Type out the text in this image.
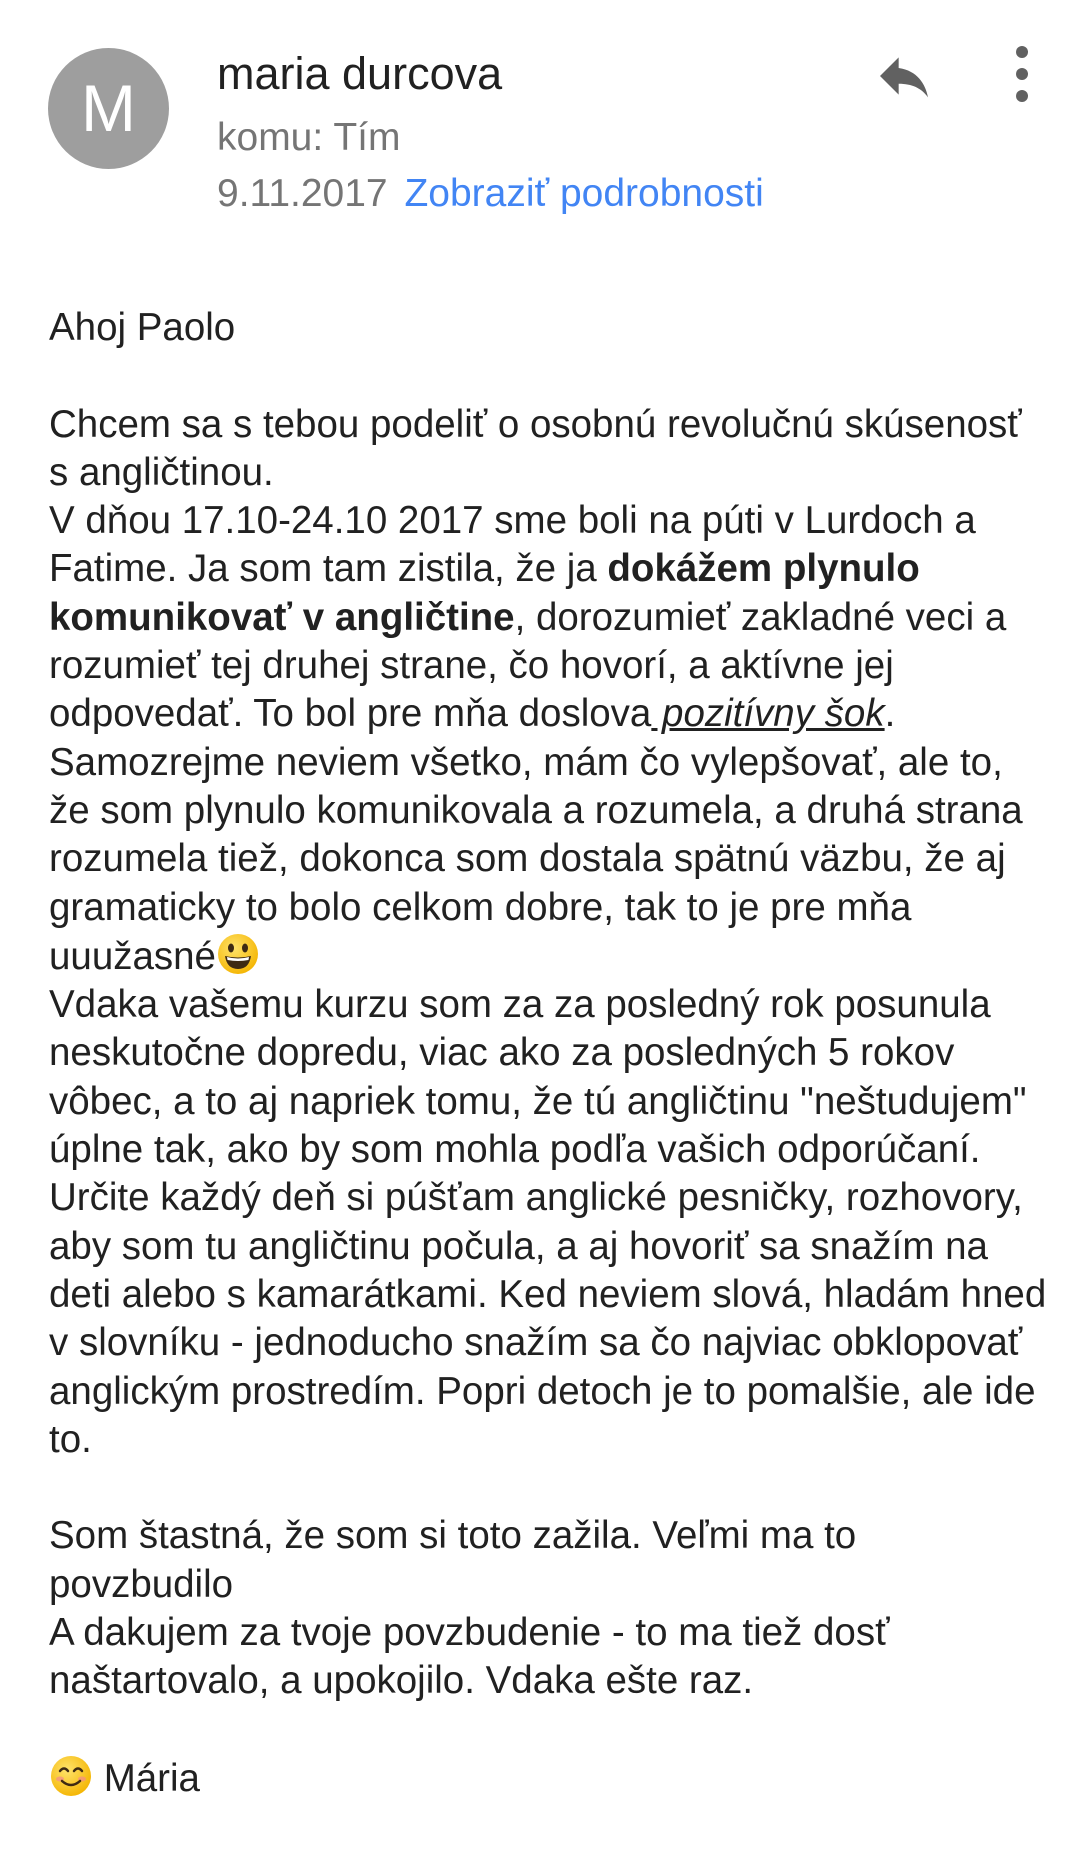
M	maria durcova
komu: Tím
9.11.2017 Zobraziť podrobnosti

Ahoj Paolo

Chcem sa s tebou podeliť o osobnú revolučnú skúsenosť s angličtinou.

V dňou 17.10-24.10 2017 sme boli na púti v Lurdoch a Fatime. Ja som tam zistila, že ja dokážem plynulo komunikovať v angličtine, dorozumieť zakladné veci a rozumieť tej druhej strane, čo hovorí, a aktívne jej odpovedať. To bol pre mňa doslova pozitívny šok. Samozrejme neviem všetko, mám čo vylepšovať, ale to, že som plynulo komunikovala a rozumela, a druhá strana rozumela tiež, dokonca som dostala spätnú väzbu, že aj gramaticky to bolo celkom dobre, tak to je pre mňa uuužasné

Vdaka vašemu kurzu som za za posledný rok posunula neskutočne dopredu, viac ako za posledných 5 rokov vôbec, a to aj napriek tomu, že tú angličtinu "neštudujem" úplne tak, ako by som mohla podľa vašich odporúčaní. Určite každý deň si púšťam anglické pesničky, rozhovory, aby som tu angličtinu počula, a aj hovoriť sa snažím na deti alebo s kamarátkami. Ked neviem slová, hladám hned v slovníku - jednoducho snažím sa čo najviac obklopovať anglickým prostredím. Popri detoch je to pomalšie, ale ide to.

Som štastná, že som si toto zažila. Veľmi ma to povzbudilo

A dakujem za tvoje povzbudenie - to ma tiež dosť naštartovalo, a upokojilo. Vdaka ešte raz.

Mária
